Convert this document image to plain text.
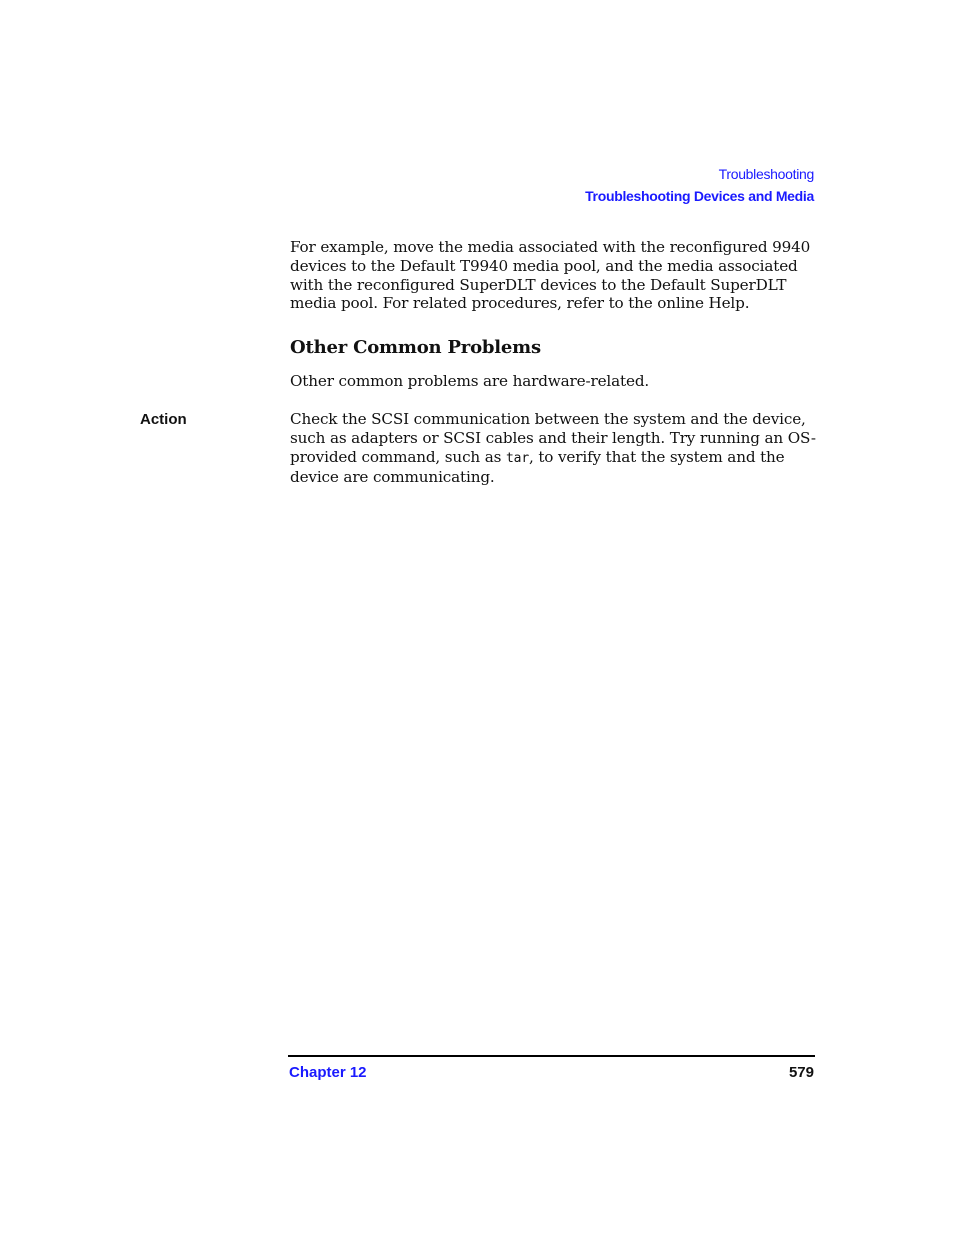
Troubleshooting
Troubleshooting Devices and Media

For example, move the media associated with the reconfigured 9940 devices to the Default T9940 media pool, and the media associated with the reconfigured SuperDLT devices to the Default SuperDLT media pool. For related procedures, refer to the online Help.

Other Common Problems

Other common problems are hardware-related.

Action	Check the SCSI communication between the system and the device, such as adapters or SCSI cables and their length. Try running an OS-provided command, such as tar, to verify that the system and the device are communicating.

Chapter 12	579
